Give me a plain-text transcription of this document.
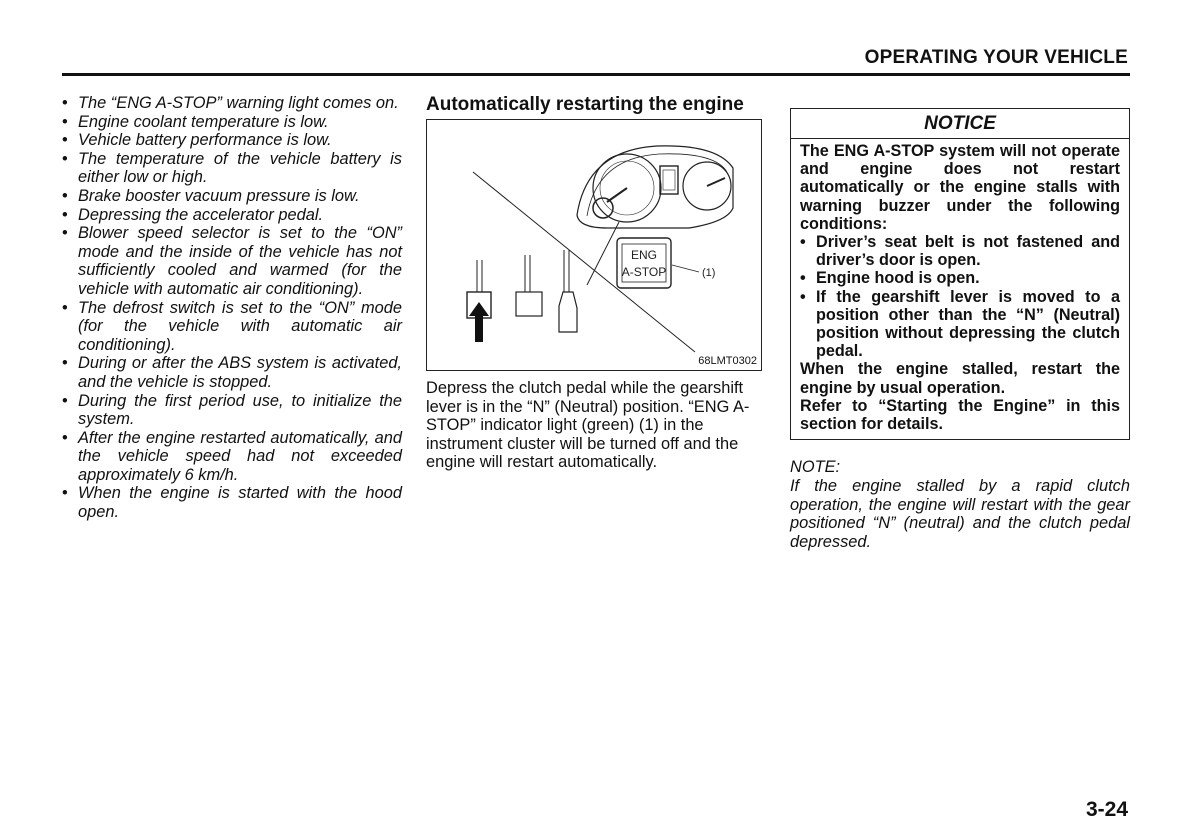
OPERATING YOUR VEHICLE
• The “ENG A-STOP” warning light comes on.
• Engine coolant temperature is low.
• Vehicle battery performance is low.
• The temperature of the vehicle battery is either low or high.
• Brake booster vacuum pressure is low.
• Depressing the accelerator pedal.
• Blower speed selector is set to the “ON” mode and the inside of the vehicle has not sufficiently cooled and warmed (for the vehicle with automatic air conditioning).
• The defrost switch is set to the “ON” mode (for the vehicle with automatic air conditioning).
• During or after the ABS system is activated, and the vehicle is stopped.
• During the first period use, to initialize the system.
• After the engine restarted automatically, and the vehicle speed had not exceeded approximately 6 km/h.
• When the engine is started with the hood open.
Automatically restarting the engine
ENG
A-STOP	(1)
68LMT0302
Depress the clutch pedal while the gearshift lever is in the “N” (Neutral) position. “ENG A-STOP” indicator light (green) (1) in the instrument cluster will be turned off and the engine will restart automatically.
NOTICE
The ENG A-STOP system will not operate and engine does not restart automatically or the engine stalls with warning buzzer under the following conditions:
• Driver’s seat belt is not fastened and driver’s door is open.
• Engine hood is open.
• If the gearshift lever is moved to a position other than the “N” (Neutral) position without depressing the clutch pedal.
When the engine stalled, restart the engine by usual operation.
Refer to “Starting the Engine” in this section for details.
NOTE:
If the engine stalled by a rapid clutch operation, the engine will restart with the gear positioned “N” (neutral) and the clutch pedal depressed.
3-24
